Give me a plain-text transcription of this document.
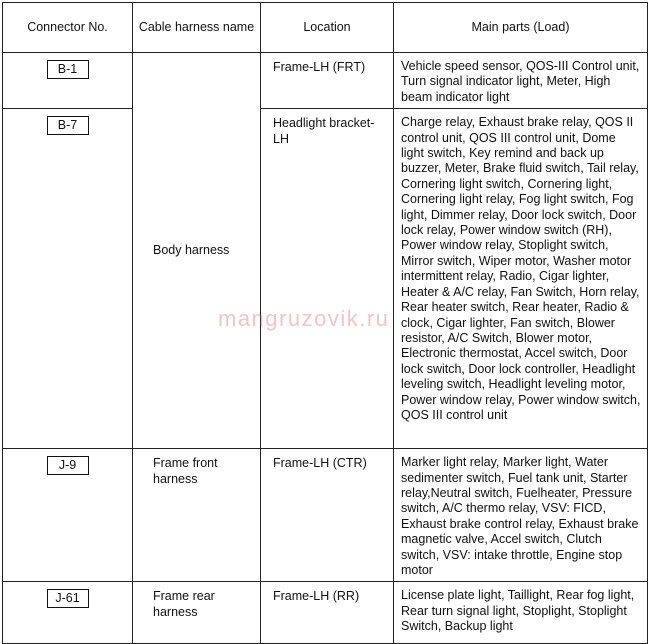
Connector No.	Cable harness name	Location	Main parts (Load)
B-1	Body harness	Frame-LH (FRT)	Vehicle speed sensor, QOS-III Control unit, Turn signal indicator light, Meter, High beam indicator light
B-7		Headlight bracket-LH	Charge relay, Exhaust brake relay, QOS II control unit, QOS III control unit, Dome light switch, Key remind and back up buzzer, Meter, Brake fluid switch, Tail relay, Cornering light switch, Cornering light, Cornering light relay, Fog light switch, Fog light, Dimmer relay, Door lock switch, Door lock relay, Power window switch (RH), Power window relay, Stoplight switch, Mirror switch, Wiper motor, Washer motor intermittent relay, Radio, Cigar lighter, Heater & A/C relay, Fan Switch, Horn relay, Rear heater switch, Rear heater, Radio & clock, Cigar lighter, Fan switch, Blower resistor, A/C Switch, Blower motor, Electronic thermostat, Accel switch, Door lock switch, Door lock controller, Headlight leveling switch, Headlight leveling motor, Power window relay, Power window switch, QOS III control unit
J-9	Frame front harness	Frame-LH (CTR)	Marker light relay, Marker light, Water sedimenter switch, Fuel tank unit, Starter relay,Neutral switch, Fuelheater, Pressure switch, A/C thermo relay, VSV: FICD, Exhaust brake control relay, Exhaust brake magnetic valve, Accel switch, Clutch switch, VSV: intake throttle, Engine stop motor
J-61	Frame rear harness	Frame-LH (RR)	License plate light, Taillight, Rear fog light, Rear turn signal light, Stoplight, Stoplight Switch, Backup light
mangruzovik.ru
